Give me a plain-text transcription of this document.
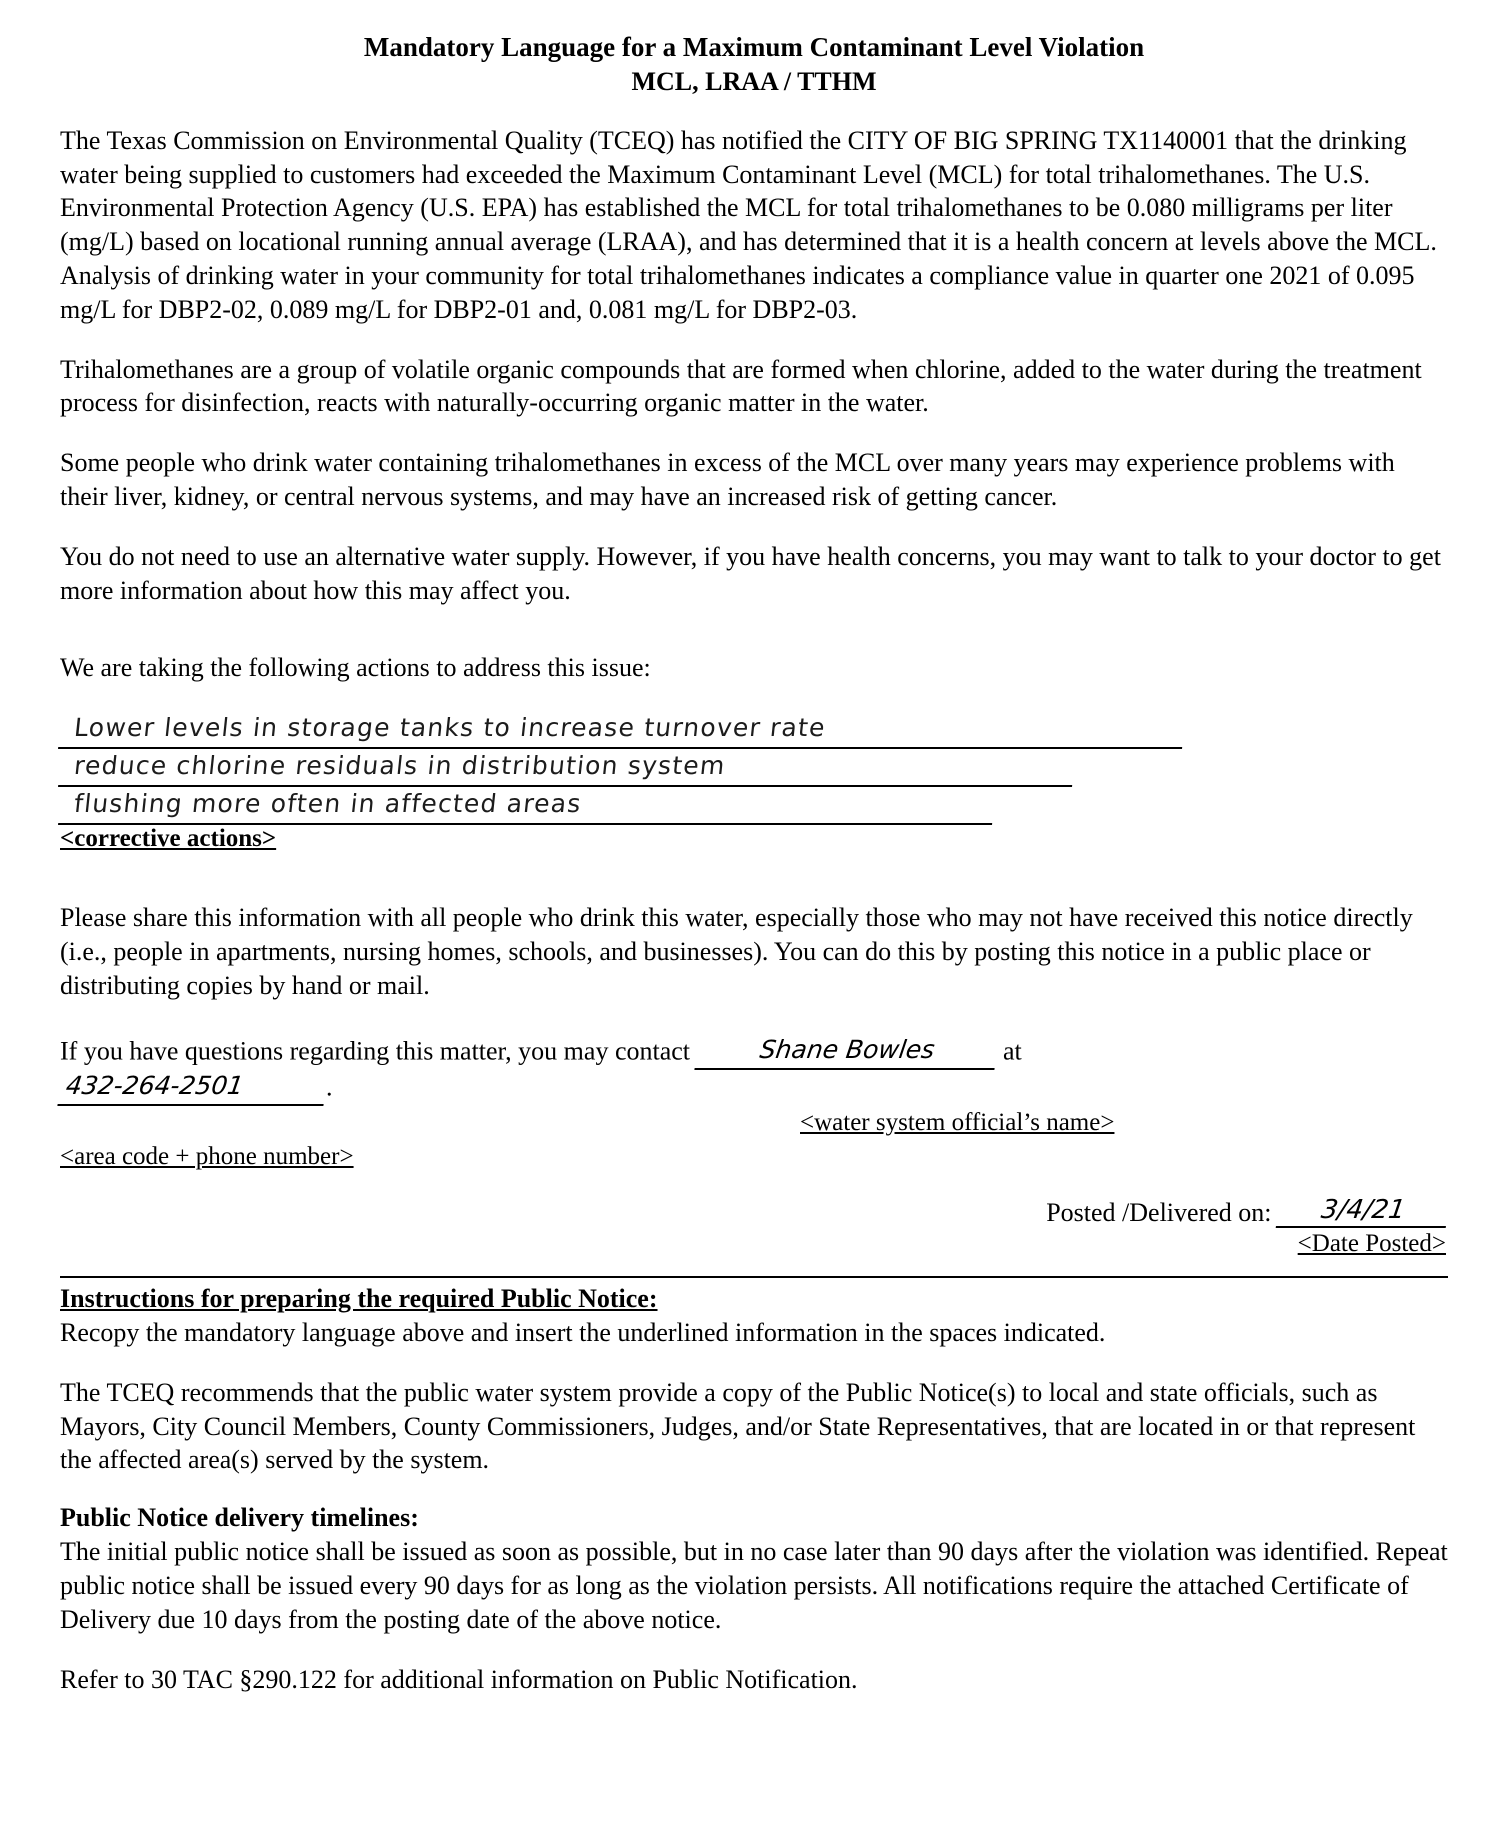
Mandatory Language for a Maximum Contaminant Level Violation
MCL, LRAA / TTHM

The Texas Commission on Environmental Quality (TCEQ) has notified the CITY OF BIG SPRING TX1140001 that the drinking water being supplied to customers had exceeded the Maximum Contaminant Level (MCL) for total trihalomethanes. The U.S. Environmental Protection Agency (U.S. EPA) has established the MCL for total trihalomethanes to be 0.080 milligrams per liter (mg/L) based on locational running annual average (LRAA), and has determined that it is a health concern at levels above the MCL. Analysis of drinking water in your community for total trihalomethanes indicates a compliance value in quarter one 2021 of 0.095 mg/L for DBP2-02, 0.089 mg/L for DBP2-01 and, 0.081 mg/L for DBP2-03.

Trihalomethanes are a group of volatile organic compounds that are formed when chlorine, added to the water during the treatment process for disinfection, reacts with naturally-occurring organic matter in the water.

Some people who drink water containing trihalomethanes in excess of the MCL over many years may experience problems with their liver, kidney, or central nervous systems, and may have an increased risk of getting cancer.

You do not need to use an alternative water supply. However, if you have health concerns, you may want to talk to your doctor to get more information about how this may affect you.

We are taking the following actions to address this issue:

Lower levels in storage tanks to increase turnover rate
reduce chlorine residuals in distribution system
flushing more often in affected areas
<corrective actions>

Please share this information with all people who drink this water, especially those who may not have received this notice directly (i.e., people in apartments, nursing homes, schools, and businesses). You can do this by posting this notice in a public place or distributing copies by hand or mail.

If you have questions regarding this matter, you may contact	Shane Bowles	at
432-264-2501	.
<water system official’s name>
<area code + phone number>
Posted /Delivered on: 3/4/21
<Date Posted>

Instructions for preparing the required Public Notice:

Recopy the mandatory language above and insert the underlined information in the spaces indicated.

The TCEQ recommends that the public water system provide a copy of the Public Notice(s) to local and state officials, such as Mayors, City Council Members, County Commissioners, Judges, and/or State Representatives, that are located in or that represent the affected area(s) served by the system.

Public Notice delivery timelines:

The initial public notice shall be issued as soon as possible, but in no case later than 90 days after the violation was identified. Repeat public notice shall be issued every 90 days for as long as the violation persists. All notifications require the attached Certificate of Delivery due 10 days from the posting date of the above notice.

Refer to 30 TAC §290.122 for additional information on Public Notification.
